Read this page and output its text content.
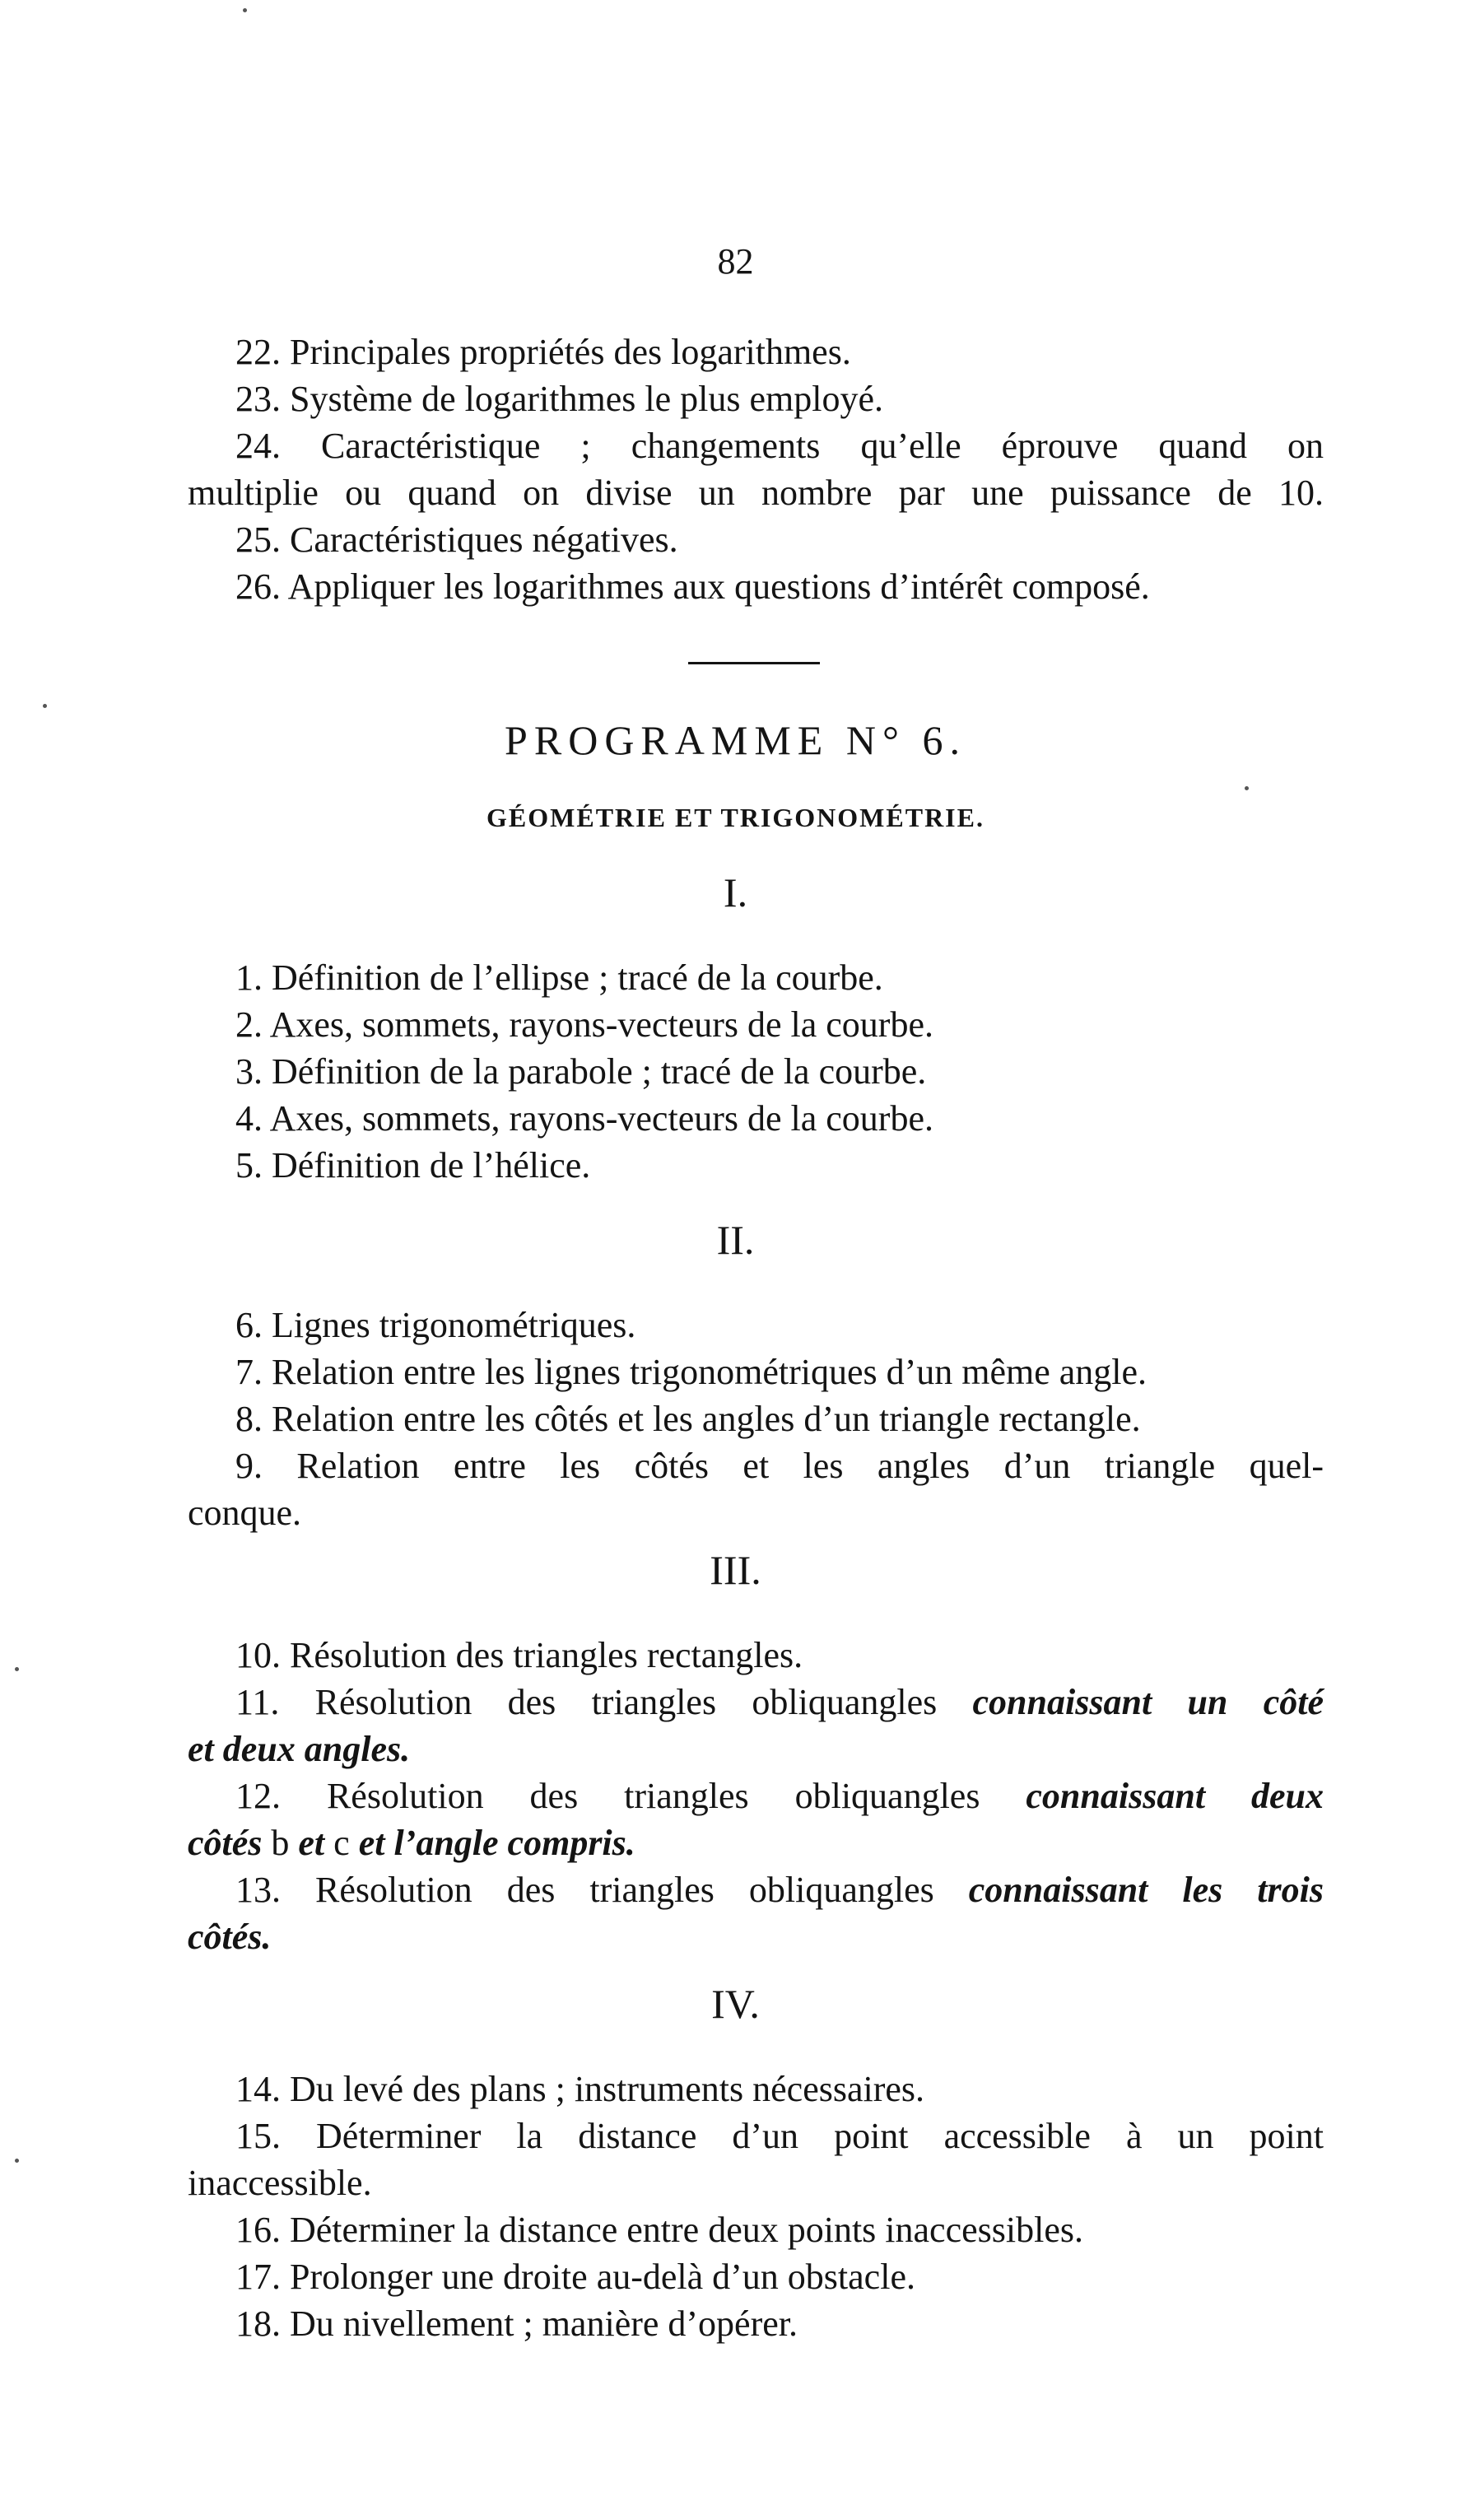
82
22. Principales propriétés des logarithmes.
23. Système de logarithmes le plus employé.
24. Caractéristique ; changements qu’elle éprouve quand on
multiplie ou quand on divise un nombre par une puissance de 10.
25. Caractéristiques négatives.
26. Appliquer les logarithmes aux questions d’intérêt composé.
PROGRAMME N° 6.
GÉOMÉTRIE ET TRIGONOMÉTRIE.
I.
1. Définition de l’ellipse ; tracé de la courbe.
2. Axes, sommets, rayons-vecteurs de la courbe.
3. Définition de la parabole ; tracé de la courbe.
4. Axes, sommets, rayons-vecteurs de la courbe.
5. Définition de l’hélice.
II.
6. Lignes trigonométriques.
7. Relation entre les lignes trigonométriques d’un même angle.
8. Relation entre les côtés et les angles d’un triangle rectangle.
9. Relation entre les côtés et les angles d’un triangle quel-
conque.
III.
10. Résolution des triangles rectangles.
11. Résolution des triangles obliquangles connaissant un côté
et deux angles.
12. Résolution des triangles obliquangles connaissant deux
côtés b et c et l’angle compris.
13. Résolution des triangles obliquangles connaissant les trois
côtés.
IV.
14. Du levé des plans ; instruments nécessaires.
15. Déterminer la distance d’un point accessible à un point
inaccessible.
16. Déterminer la distance entre deux points inaccessibles.
17. Prolonger une droite au-delà d’un obstacle.
18. Du nivellement ; manière d’opérer.
